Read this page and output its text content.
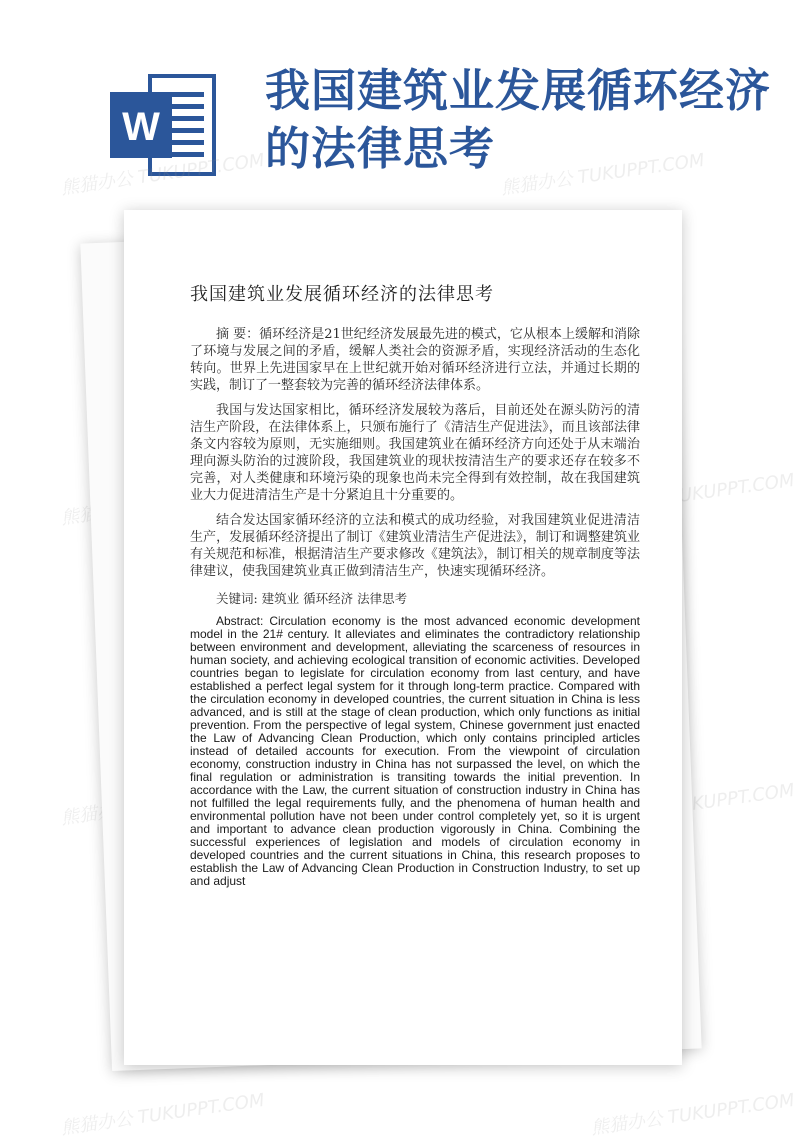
W
我国建筑业发展循环经济的法律思考
熊猫办公	熊猫办公 TUKUPPT.COM
熊猫办公 TUKUPPT.COM
熊猫办公	熊猫办公 TUKUPPT.COM
熊猫办公 TUKUPPT.COM	熊猫办公 TUKUPPT.COM
我国建筑业发展循环经济的法律思考

摘 要：循环经济是21世纪经济发展最先进的模式，它从根本上缓解和消除了环境与发展之间的矛盾，缓解人类社会的资源矛盾，实现经济活动的生态化转向。世界上先进国家早在上世纪就开始对循环经济进行立法，并通过长期的实践，制订了一整套较为完善的循环经济法律体系。

我国与发达国家相比，循环经济发展较为落后，目前还处在源头防污的清洁生产阶段，在法律体系上，只颁布施行了《清洁生产促进法》，而且该部法律条文内容较为原则，无实施细则。我国建筑业在循环经济方向还处于从末端治理向源头防治的过渡阶段，我国建筑业的现状按清洁生产的要求还存在较多不完善，对人类健康和环境污染的现象也尚未完全得到有效控制，故在我国建筑业大力促进清洁生产是十分紧迫且十分重要的。

结合发达国家循环经济的立法和模式的成功经验，对我国建筑业促进清洁生产，发展循环经济提出了制订《建筑业清洁生产促进法》，制订和调整建筑业有关规范和标准，根据清洁生产要求修改《建筑法》，制订相关的规章制度等法律建议，使我国建筑业真正做到清洁生产，快速实现循环经济。

关键词: 建筑业 循环经济 法律思考

Abstract: Circulation economy is the most advanced economic development model in the 21# century. It alleviates and eliminates the contradictory relationship between environment and development, alleviating the scarceness of resources in human society, and achieving ecological transition of economic activities. Developed countries began to legislate for circulation economy from last century, and have established a perfect legal system for it through long-term practice. Compared with the circulation economy in developed countries, the current situation in China is less advanced, and is still at the stage of clean production, which only functions as initial prevention. From the perspective of legal system, Chinese government just enacted the Law of Advancing Clean Production, which only contains principled articles instead of detailed accounts for execution. From the viewpoint of circulation economy, construction industry in China has not surpassed the level, on which the final regulation or administration is transiting towards the initial prevention. In accordance with the Law, the current situation of construction industry in China has not fulfilled the legal requirements fully, and the phenomena of human health and environmental pollution have not been under control completely yet, so it is urgent and important to advance clean production vigorously in China. Combining the successful experiences of legislation and models of circulation economy in developed countries and the current situations in China, this research proposes to establish the Law of Advancing Clean Production in Construction Industry, to set up and adjust
